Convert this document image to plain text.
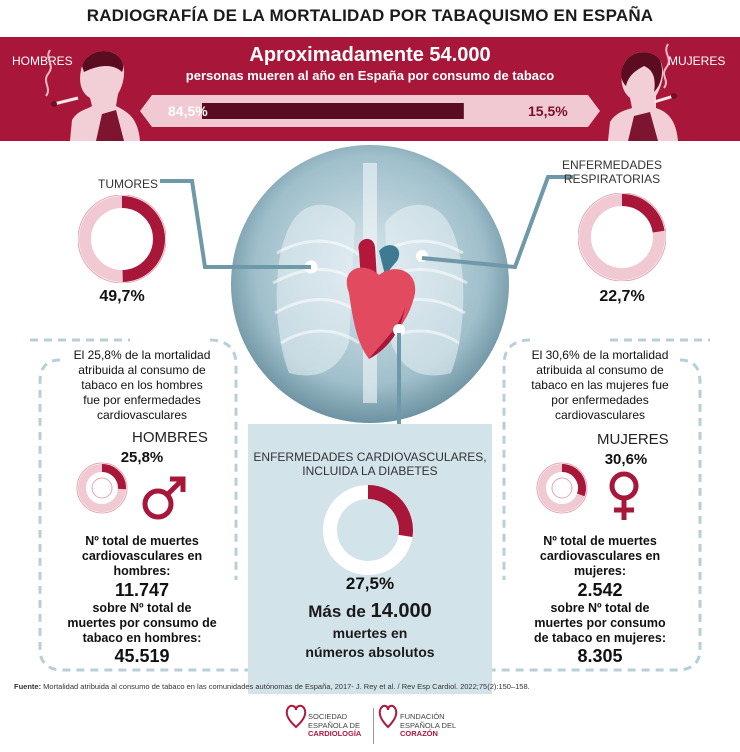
RADIOGRAFÍA DE LA MORTALIDAD POR TABAQUISMO EN ESPAÑA
HOMBRES	MUJERES
Aproximadamente 54.000
personas mueren al año en España por consumo de tabaco
84,5%	15,5%
TUMORES
49,7%
ENFERMEDADES
RESPIRATORIAS
22,7%
El 25,8% de la mortalidad
atribuida al consumo de
tabaco en los hombres
fue por enfermedades
cardiovasculares
HOMBRES
25,8%
Nº total de muertes
cardiovasculares en
hombres:
11.747
sobre Nº total de
muertes por consumo de
tabaco en hombres:
45.519
El 30,6% de la mortalidad
atribuida al consumo de
tabaco en las mujeres fue
por enfermedades
cardiovasculares
MUJERES
30,6%
Nº total de muertes
cardiovasculares en
mujeres:
2.542
sobre Nº total de
muertes por consumo
de tabaco en mujeres:
8.305
ENFERMEDADES CARDIOVASCULARES,
INCLUIDA LA DIABETES
27,5%
Más de 14.000
muertes en
números absolutos
Fuente: Mortalidad atribuida al consumo de tabaco en las comunidades autónomas de España, 2017- J. Rey et al. / Rev Esp Cardiol. 2022;75(2):150–158.
SOCIEDAD
ESPAÑOLA DE
CARDIOLOGÍA
FUNDACIÓN
ESPAÑOLA DEL
CORAZÓN
